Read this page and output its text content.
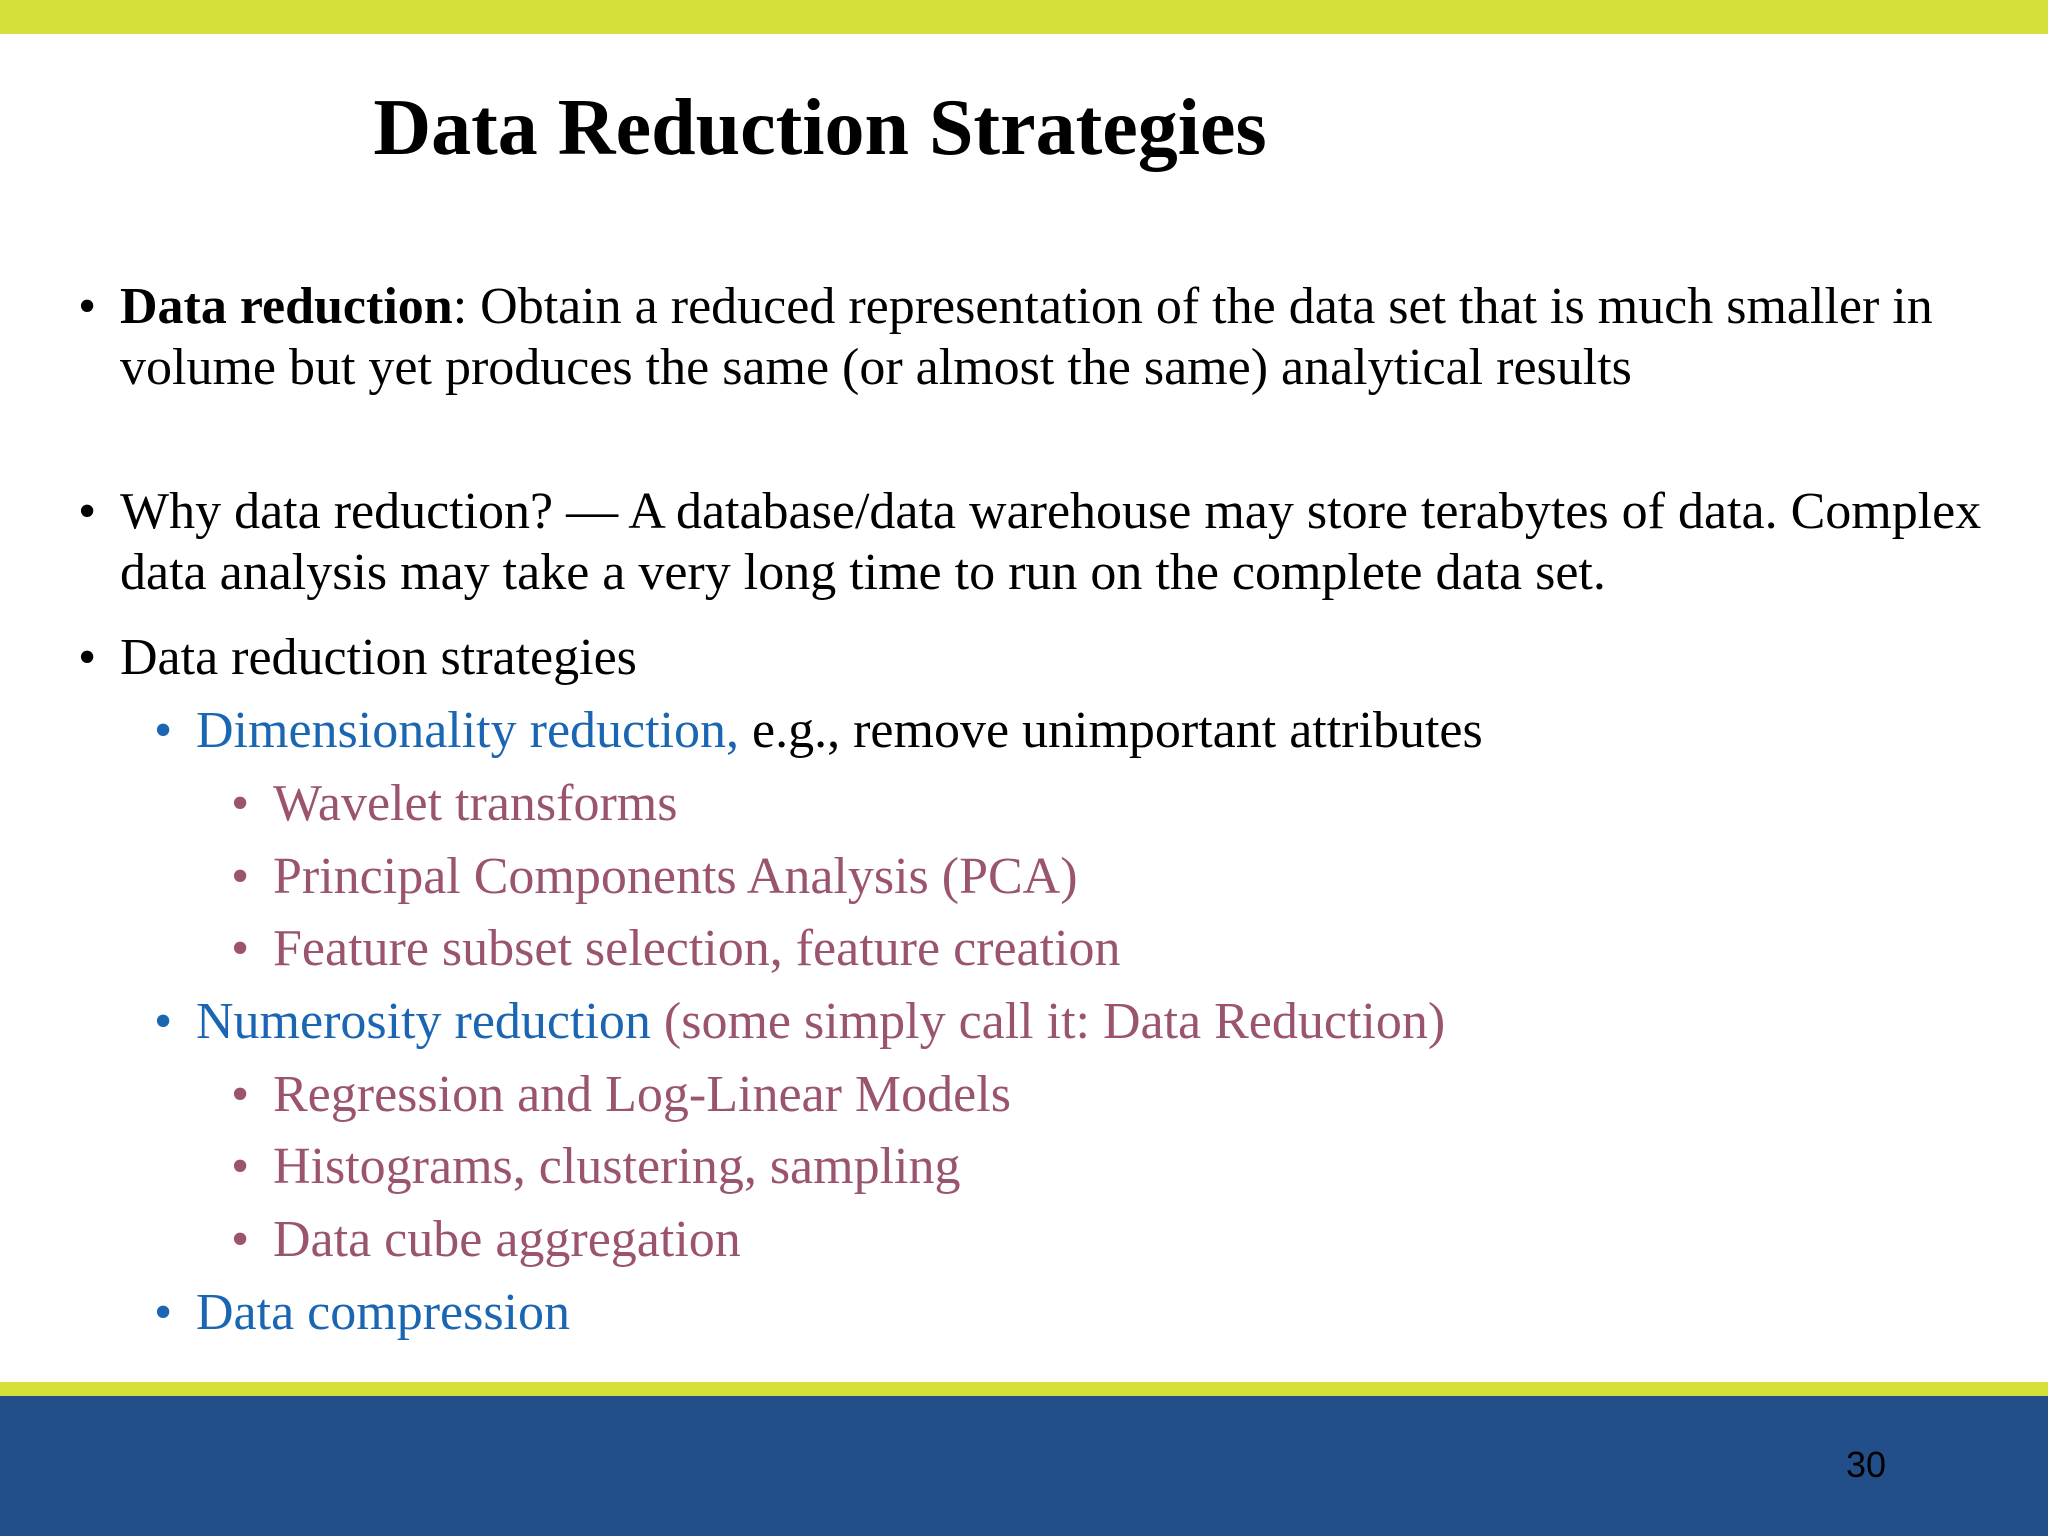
Data Reduction Strategies
• Data reduction: Obtain a reduced representation of the data set that is much smaller in volume but yet produces the same (or almost the same) analytical results
• Why data reduction? — A database/data warehouse may store terabytes of data. Complex data analysis may take a very long time to run on the complete data set.
• Data reduction strategies
• Dimensionality reduction, e.g., remove unimportant attributes
• Wavelet transforms
• Principal Components Analysis (PCA)
• Feature subset selection, feature creation
• Numerosity reduction (some simply call it: Data Reduction)
• Regression and Log-Linear Models
• Histograms, clustering, sampling
• Data cube aggregation
• Data compression
30
